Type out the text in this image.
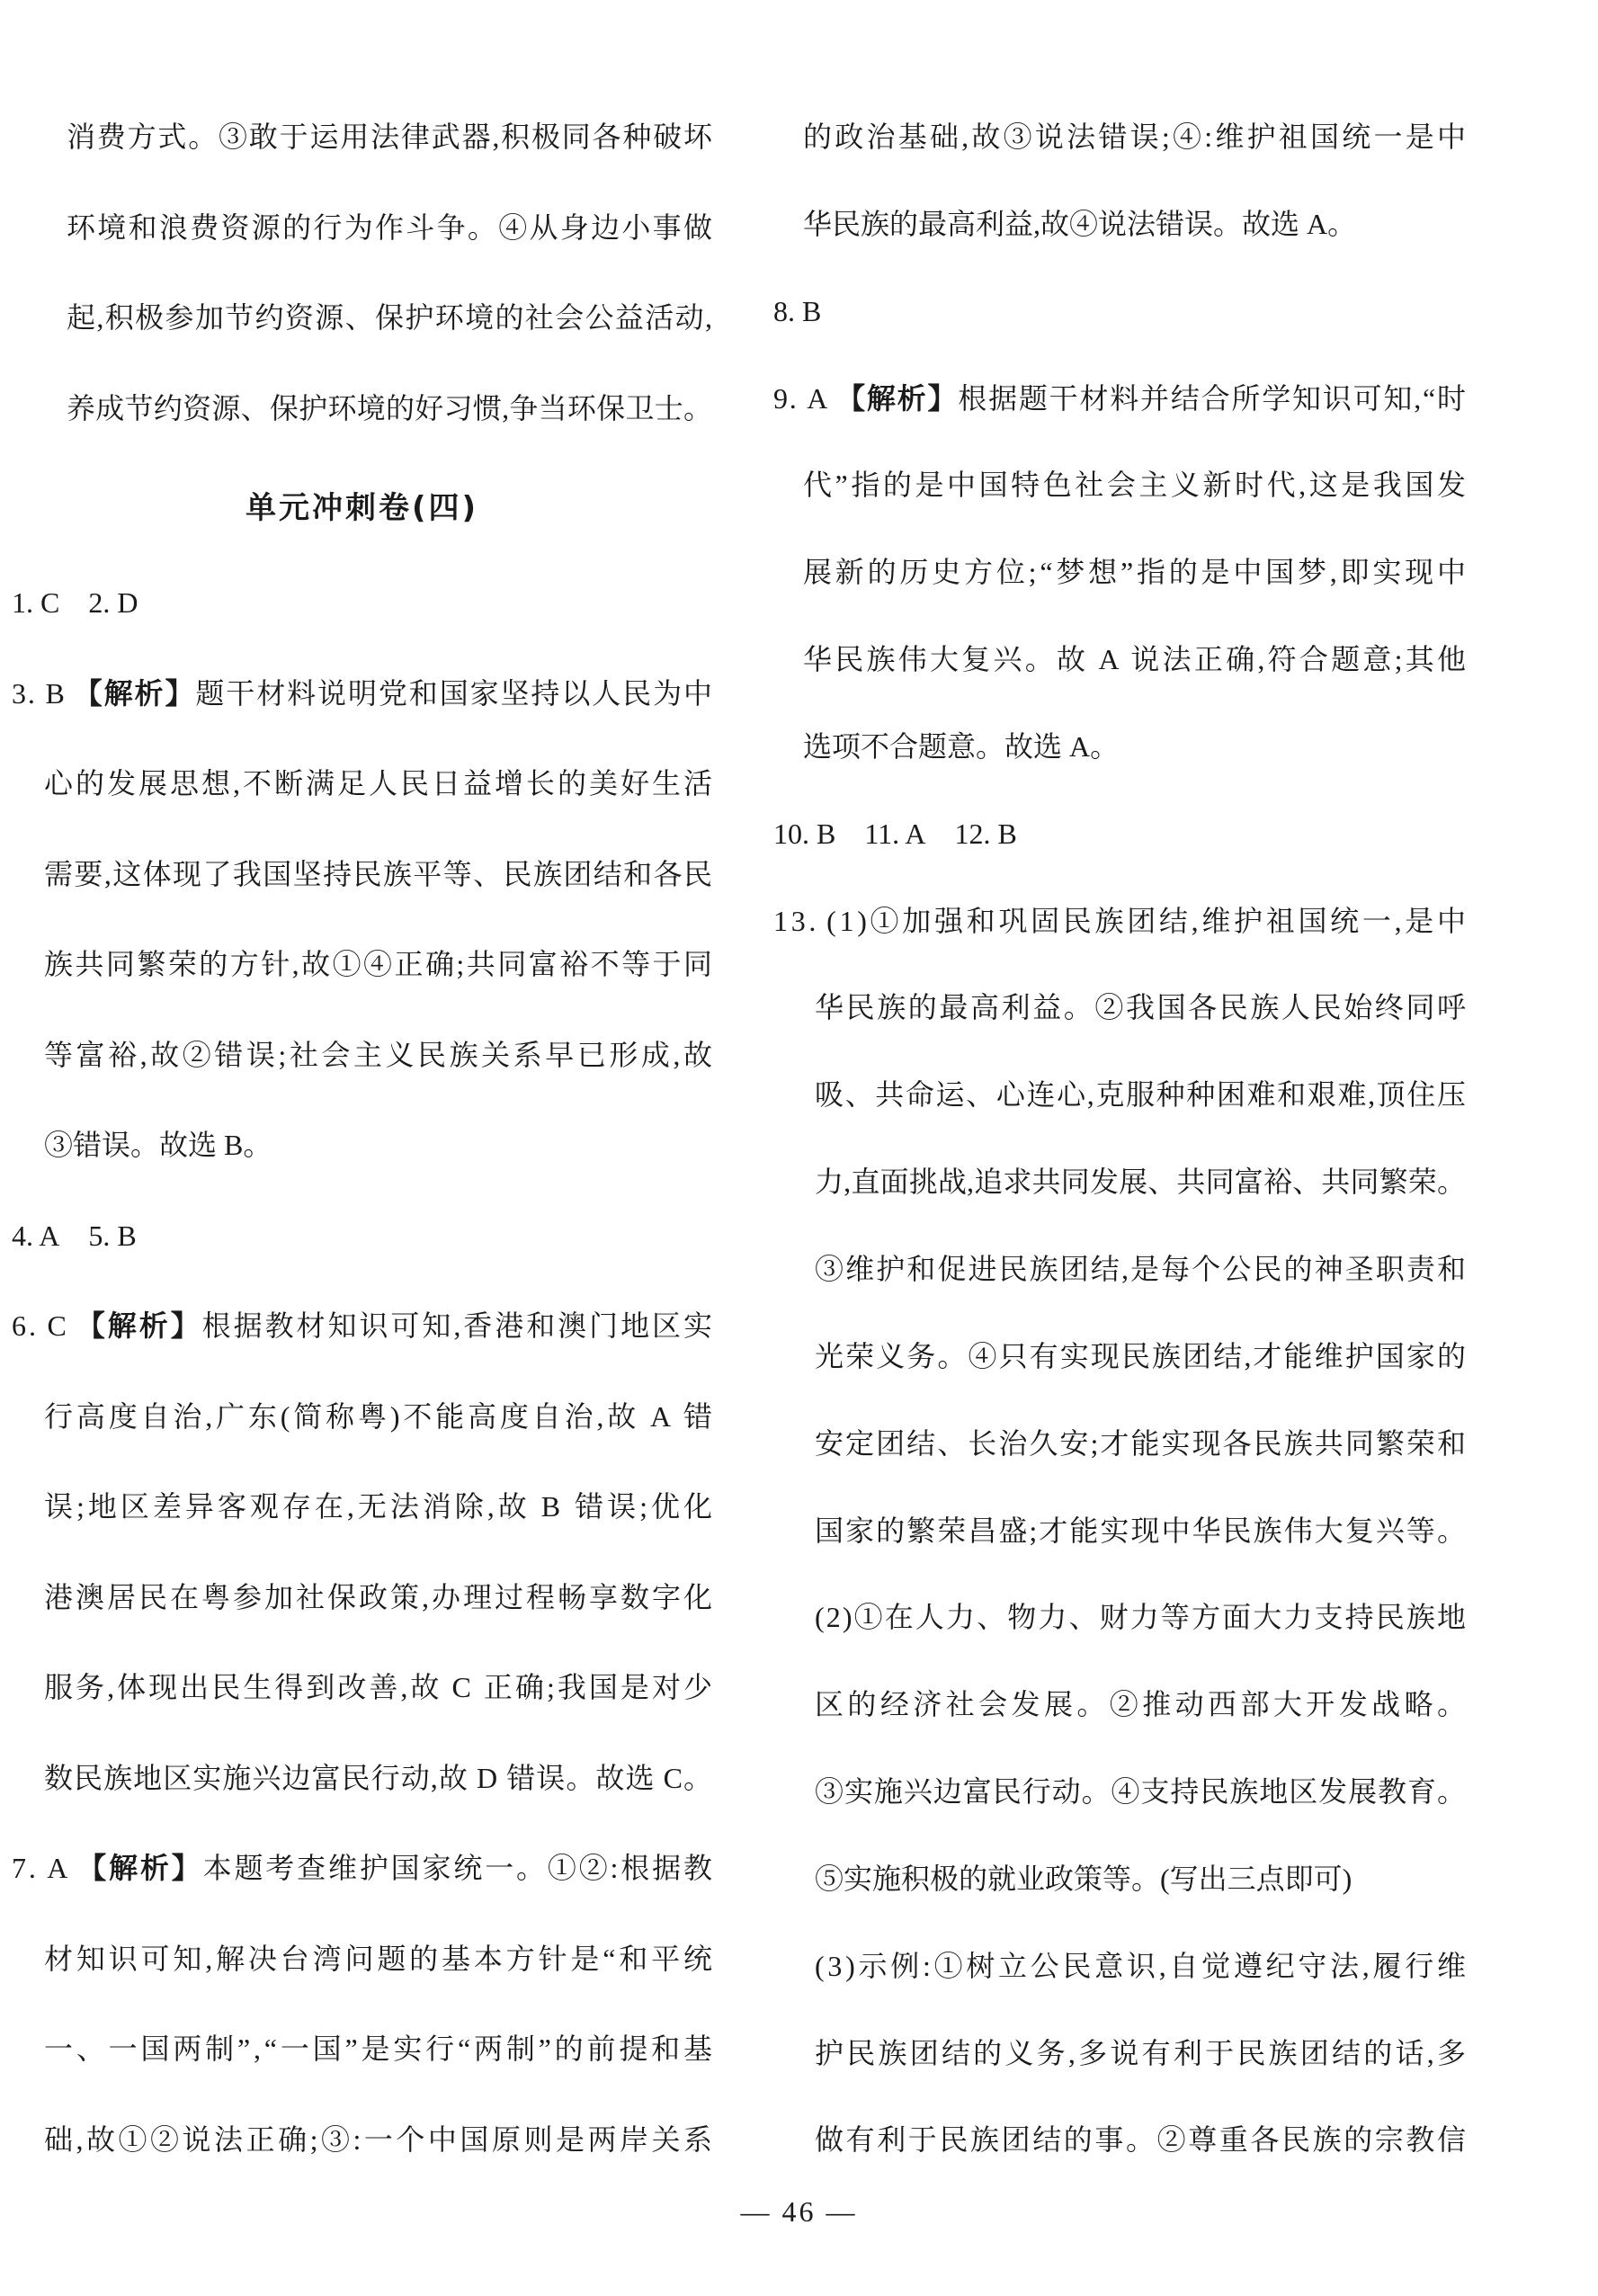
消费方式。③敢于运用法律武器,积极同各种破坏
环境和浪费资源的行为作斗争。④从身边小事做
起,积极参加节约资源、保护环境的社会公益活动,
养成节约资源、保护环境的好习惯,争当环保卫士。
单元冲刺卷(四)
1. C 2. D
3. B 【解析】题干材料说明党和国家坚持以人民为中
心的发展思想,不断满足人民日益增长的美好生活
需要,这体现了我国坚持民族平等、民族团结和各民
族共同繁荣的方针,故①④正确;共同富裕不等于同
等富裕,故②错误;社会主义民族关系早已形成,故
③错误。故选 B。
4. A 5. B
6. C 【解析】根据教材知识可知,香港和澳门地区实
行高度自治,广东(简称粤)不能高度自治,故 A 错
误;地区差异客观存在,无法消除,故 B 错误;优化
港澳居民在粤参加社保政策,办理过程畅享数字化
服务,体现出民生得到改善,故 C 正确;我国是对少
数民族地区实施兴边富民行动,故 D 错误。故选 C。
7. A 【解析】本题考查维护国家统一。①②:根据教
材知识可知,解决台湾问题的基本方针是“和平统
一、一国两制”,“一国”是实行“两制”的前提和基
础,故①②说法正确;③:一个中国原则是两岸关系
的政治基础,故③说法错误;④:维护祖国统一是中
华民族的最高利益,故④说法错误。故选 A。
8. B
9. A 【解析】根据题干材料并结合所学知识可知,“时
代”指的是中国特色社会主义新时代,这是我国发
展新的历史方位;“梦想”指的是中国梦,即实现中
华民族伟大复兴。故 A 说法正确,符合题意;其他
选项不合题意。故选 A。
10. B 11. A 12. B
13. (1)①加强和巩固民族团结,维护祖国统一,是中
华民族的最高利益。②我国各民族人民始终同呼
吸、共命运、心连心,克服种种困难和艰难,顶住压
力,直面挑战,追求共同发展、共同富裕、共同繁荣。
③维护和促进民族团结,是每个公民的神圣职责和
光荣义务。④只有实现民族团结,才能维护国家的
安定团结、长治久安;才能实现各民族共同繁荣和
国家的繁荣昌盛;才能实现中华民族伟大复兴等。
(2)①在人力、物力、财力等方面大力支持民族地
区的经济社会发展。②推动西部大开发战略。
③实施兴边富民行动。④支持民族地区发展教育。
⑤实施积极的就业政策等。(写出三点即可)
(3)示例:①树立公民意识,自觉遵纪守法,履行维
护民族团结的义务,多说有利于民族团结的话,多
做有利于民族团结的事。②尊重各民族的宗教信
— 46 —
